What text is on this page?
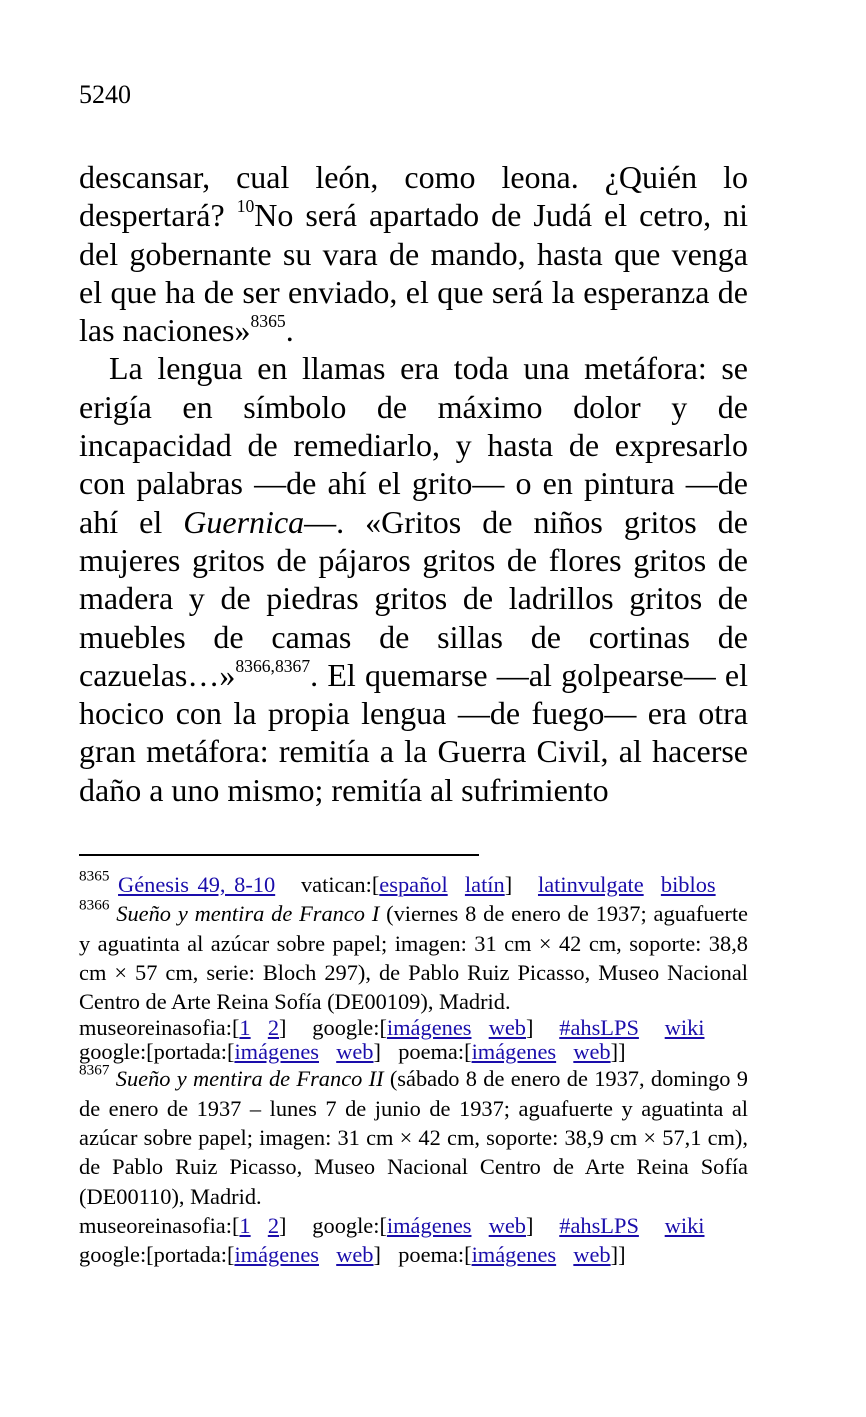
5240

descansar, cual león, como leona. ¿Quién lo despertará? $^{10}$No será apartado de Judá el cetro, ni del gobernante su vara de mando, hasta que venga el que ha de ser enviado, el que será la esperanza de las naciones»$^{8365}$.

La lengua en llamas era toda una metáfora: se erigía en símbolo de máximo dolor y de incapacidad de remediarlo, y hasta de expresarlo con palabras —de ahí el grito— o en pintura —de ahí el Guernica—. «Gritos de niños gritos de mujeres gritos de pájaros gritos de flores gritos de madera y de piedras gritos de ladrillos gritos de muebles de camas de sillas de cortinas de cazuelas…»$^{8366,8367}$. El quemarse —al golpearse— el hocico con la propia lengua —de fuego— era otra gran metáfora: remitía a la Guerra Civil, al hacerse daño a uno mismo; remitía al sufrimiento

$^{8365}$ Génesis 49, 8-10 vatican:[español latín] latinvulgate biblos

$^{8366}$ Sueño y mentira de Franco I (viernes 8 de enero de 1937; aguafuerte y aguatinta al azúcar sobre papel; imagen: 31 cm × 42 cm, soporte: 38,8 cm × 57 cm, serie: Bloch 297), de Pablo Ruiz Picasso, Museo Nacional Centro de Arte Reina Sofía (DE00109), Madrid.

museoreinasofia:[1 2] google:[imágenes web] #ahsLPS wiki
google:[portada:[imágenes web] poema:[imágenes web]]

$^{8367}$ Sueño y mentira de Franco II (sábado 8 de enero de 1937, domingo 9 de enero de 1937 – lunes 7 de junio de 1937; aguafuerte y aguatinta al azúcar sobre papel; imagen: 31 cm × 42 cm, soporte: 38,9 cm × 57,1 cm), de Pablo Ruiz Picasso, Museo Nacional Centro de Arte Reina Sofía (DE00110), Madrid.

museoreinasofia:[1 2] google:[imágenes web] #ahsLPS wiki
google:[portada:[imágenes web] poema:[imágenes web]]
